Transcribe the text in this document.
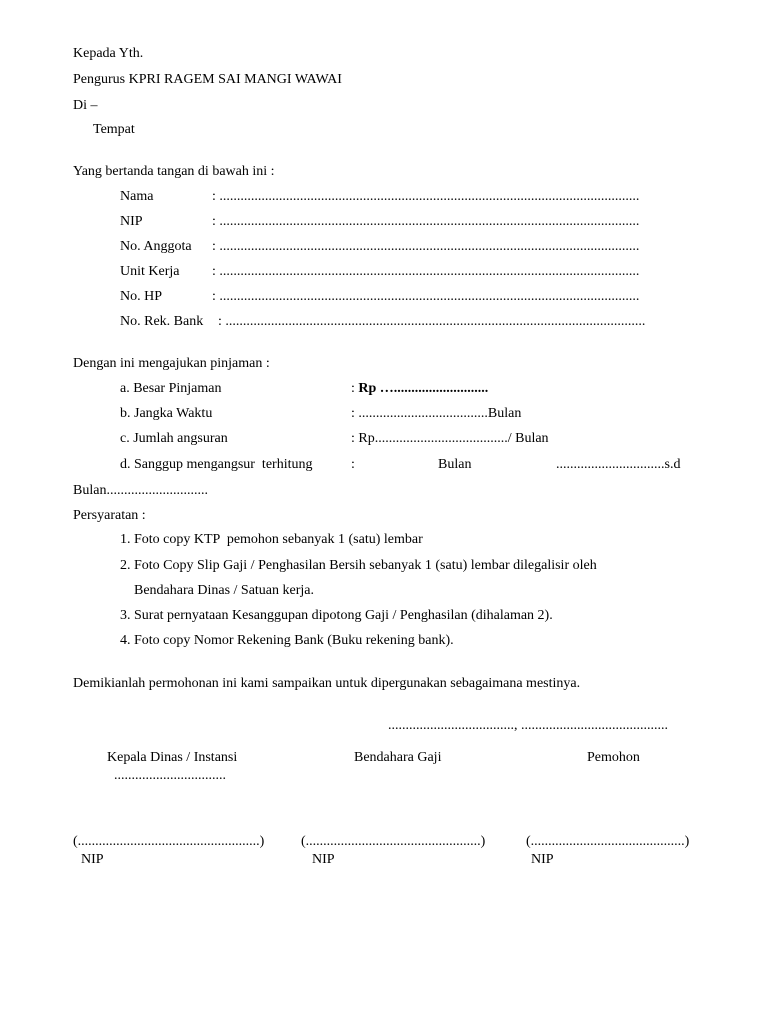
Kepada Yth.
Pengurus KPRI RAGEM SAI MANGI WAWAI
Di –
Tempat
Yang bertanda tangan di bawah ini :
Nama	: ........................................................................................................................
NIP	: ........................................................................................................................
No. Anggota : ........................................................................................................................
Unit Kerja : ........................................................................................................................
No. HP	: ........................................................................................................................
No. Rek. Bank : ........................................................................................................................
Dengan ini mengajukan pinjaman :
a. Besar Pinjaman	: Rp …...........................
b. Jangka Waktu	: .....................................Bulan
c. Jumlah angsuran	: Rp....................................../ Bulan
d. Sanggup mengangsur  terhitung	:	Bulan	...............................s.d
Bulan.............................
Persyaratan :
1. Foto copy KTP  pemohon sebanyak 1 (satu) lembar
2. Foto Copy Slip Gaji / Penghasilan Bersih sebanyak 1 (satu) lembar dilegalisir oleh
Bendahara Dinas / Satuan kerja.
3. Surat pernyataan Kesanggupan dipotong Gaji / Penghasilan (dihalaman 2).
4. Foto copy Nomor Rekening Bank (Buku rekening bank).
Demikianlah permohonan ini kami sampaikan untuk dipergunakan sebagaimana mestinya.
...................................., ..........................................
Kepala Dinas / Instansi	Bendahara Gaji	Pemohon
................................
(....................................................)	(..................................................)	(............................................)
NIP	NIP	NIP
